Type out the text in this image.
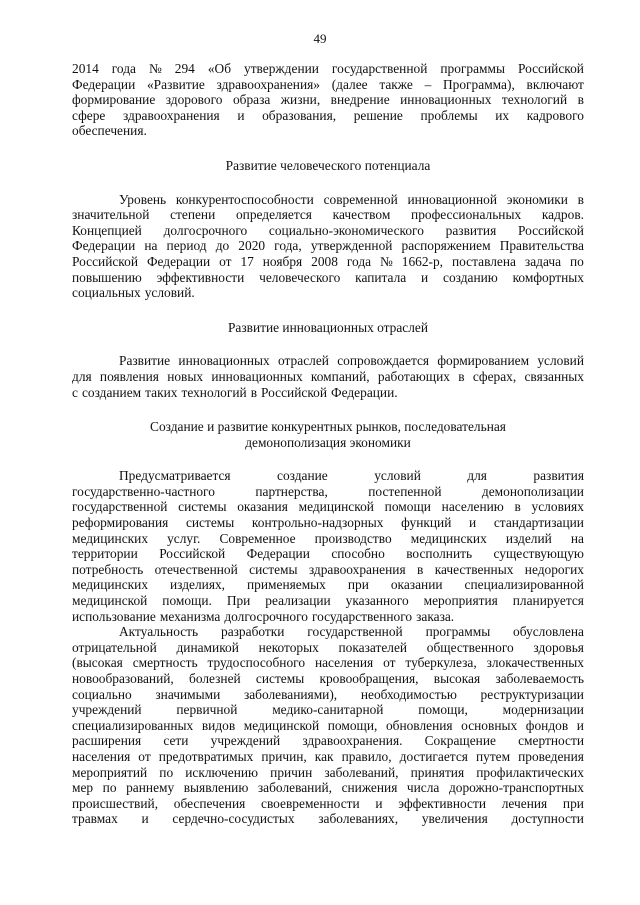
49
2014 года № 294 «Об утверждении государственной программы Российской
Федерации «Развитие здравоохранения» (далее также – Программа), включают
формирование здорового образа жизни, внедрение инновационных технологий в
сфере здравоохранения и образования, решение проблемы их кадрового
обеспечения.
Развитие человеческого потенциала
Уровень конкурентоспособности современной инновационной экономики в
значительной степени определяется качеством профессиональных кадров.
Концепцией долгосрочного социально-экономического развития Российской
Федерации на период до 2020 года, утвержденной распоряжением Правительства
Российской Федерации от 17 ноября 2008 года № 1662-р, поставлена задача по
повышению эффективности человеческого капитала и созданию комфортных
социальных условий.
Развитие инновационных отраслей
Развитие инновационных отраслей сопровождается формированием условий
для появления новых инновационных компаний, работающих в сферах, связанных
с созданием таких технологий в Российской Федерации.
Создание и развитие конкурентных рынков, последовательная
демонополизация экономики
Предусматривается	создание	условий	для	развития
государственно-частного	партнерства,	постепенной	демонополизации
государственной системы оказания медицинской помощи населению в условиях
реформирования системы контрольно-надзорных функций и стандартизации
медицинских услуг. Современное производство медицинских изделий на
территории Российской Федерации способно восполнить существующую
потребность отечественной системы здравоохранения в качественных недорогих
медицинских изделиях, применяемых при оказании специализированной
медицинской помощи. При реализации указанного мероприятия планируется
использование механизма долгосрочного государственного заказа.
Актуальность разработки государственной программы обусловлена
отрицательной динамикой некоторых показателей общественного здоровья
(высокая смертность трудоспособного населения от туберкулеза, злокачественных
новообразований, болезней системы кровообращения, высокая заболеваемость
социально значимыми заболеваниями), необходимостью реструктуризации
учреждений	первичной	медико-санитарной	помощи,	модернизации
специализированных видов медицинской помощи, обновления основных фондов и
расширения сети учреждений здравоохранения. Сокращение смертности
населения от предотвратимых причин, как правило, достигается путем проведения
мероприятий по исключению причин заболеваний, принятия профилактических
мер по раннему выявлению заболеваний, снижения числа дорожно-транспортных
происшествий, обеспечения своевременности и эффективности лечения при
травмах и сердечно-сосудистых заболеваниях, увеличения доступности
